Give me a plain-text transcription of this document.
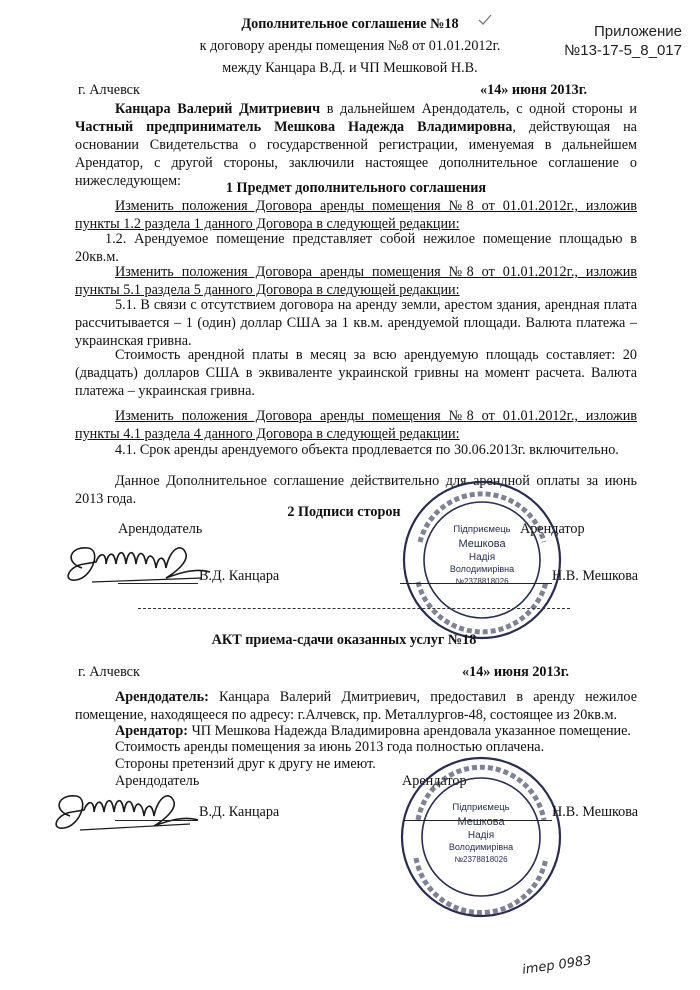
Приложение
№13-17-5_8_017
Дополнительное соглашение №18
к договору аренды помещения №8 от 01.01.2012г.
между Канцара В.Д. и ЧП Мешковой Н.В.
г. Алчевск	«14» июня 2013г.
Канцара Валерий Дмитриевич в дальнейшем Арендодатель, с одной стороны и Частный предприниматель Мешкова Надежда Владимировна, действующая на основании Свидетельства о государственной регистрации, именуемая в дальнейшем Арендатор, с другой стороны, заключили настоящее дополнительное соглашение о нижеследующем:	1 Предмет дополнительного соглашения
Изменить положения Договора аренды помещения №8 от 01.01.2012г., изложив пункты 1.2 раздела 1 данного Договора в следующей редакции:
1.2. Арендуемое помещение представляет собой нежилое помещение площадью в 20кв.м.
Изменить положения Договора аренды помещения №8 от 01.01.2012г., изложив пункты 5.1 раздела 5 данного Договора в следующей редакции:
5.1. В связи с отсутствием договора на аренду земли, арестом здания, арендная плата рассчитывается – 1 (один) доллар США за 1 кв.м. арендуемой площади. Валюта платежа – украинская гривна.
Стоимость арендной платы в месяц за всю арендуемую площадь составляет: 20 (двадцать) долларов США в эквиваленте украинской гривны на момент расчета. Валюта платежа – украинская гривна.
Изменить положения Договора аренды помещения №8 от 01.01.2012г., изложив пункты 4.1 раздела 4 данного Договора в следующей редакции:
4.1. Срок аренды арендуемого объекта продлевается по 30.06.2013г. включительно.
Данное Дополнительное соглашение действительно для арендной оплаты за июнь 2013 года.
2 Подписи сторон
Арендодатель	Арендатор
В.Д. Канцара
Підприємець
Мешкова
Надія
Володимирівна
№2378818026	Н.В. Мешкова
АКТ приема-сдачи оказанных услуг №18
г. Алчевск	«14» июня 2013г.
Арендодатель: Канцара Валерий Дмитриевич, предоставил в аренду нежилое помещение, находящееся по адресу: г.Алчевск, пр. Металлургов-48, состоящее из 20кв.м.
Арендатор: ЧП Мешкова Надежда Владимировна арендовала указанное помещение.
Стоимость аренды помещения за июнь 2013 года полностью оплачена.
Стороны претензий друг к другу не имеют.
Арендодатель	Арендатор
В.Д. Канцара	Підприємець
Мешкова
Надія
Володимирівна
№2378818026
Н.В. Мешкова
imep 0983
